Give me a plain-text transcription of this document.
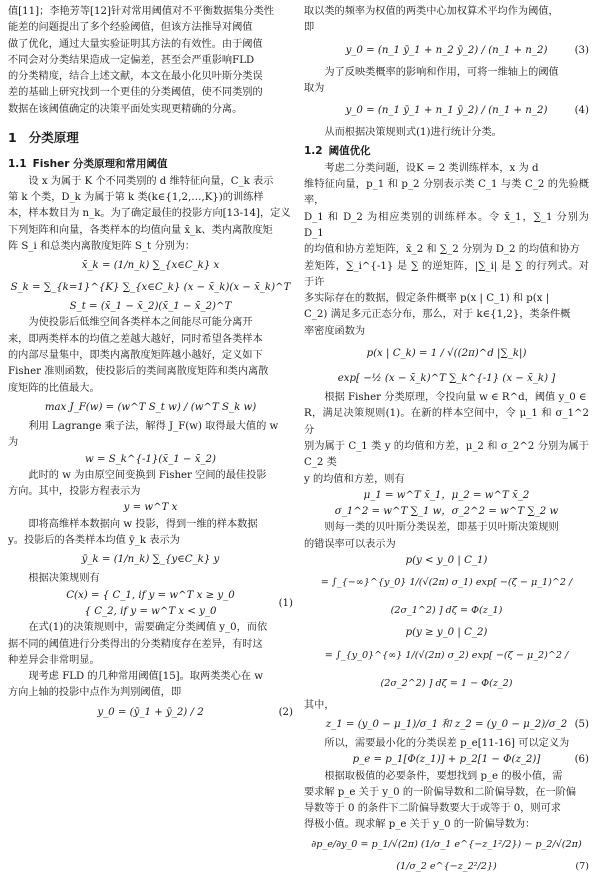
值[11]；李艳芳等[12]针对常用阈值对不平衡数据集分类性

能差的问题提出了多个经验阈值，但该方法推导对阈值

做了优化，通过大量实验证明其方法的有效性。由于阈值

不同会对分类结果造成一定偏差，甚至会严重影响FLD

的分类精度，结合上述文献，本文在最小化贝叶斯分类误

差的基础上研究找到一个更佳的分类阈值，使不同类别的

数据在该阈值确定的决策平面处实现更精确的分离。

1 分类原理
1.1 Fisher 分类原理和常用阈值

设 x 为属于 K 个不同类别的 d 维特征向量，C_k 表示

第 k 个类，D_k 为属于第 k 类(k∈{1,2,…,K})的训练样

本，样本数目为 n_k。为了确定最佳的投影方向[13-14]，定义

下列矩阵和向量，各类样本的均值向量 x̄_k、类内离散度矩

阵 S_i 和总类内离散度矩阵 S_t 分别为：

x̄_k = (1/n_k) ∑_{x∈C_k} x
S_k = ∑_{k=1}^{K} ∑_{x∈C_k} (x − x̄_k)(x − x̄_k)^T
S_t = (x̄_1 − x̄_2)(x̄_1 − x̄_2)^T

为使投影后低维空间各类样本之间能尽可能分离开

来，即两类样本的均值之差越大越好，同时希望各类样本

的内部尽量集中，即类内离散度矩阵越小越好，定义如下

Fisher 准则函数，使投影后的类间离散度矩阵和类内离散

度矩阵的比值最大。

max J_F(w) = (w^T S_t w) / (w^T S_k w)

利用 Lagrange 乘子法，解得 J_F(w) 取得最大值的 w

为

w = S_k^{-1}(x̄_1 − x̄_2)

此时的 w 为由原空间变换到 Fisher 空间的最佳投影

方向。其中，投影方程表示为

y = w^T x

即将高维样本数据向 w 投影，得到一维的样本数据

y。投影后的各类样本均值 ȳ_k 表示为

ȳ_k = (1/n_k) ∑_{y∈C_k} y

根据决策规则有

C(x) = { C_1, if y = w^T x ≥ y_0
{ C_2, if y = w^T x < y_0
(1)

在式(1)的决策规则中，需要确定分类阈值 y_0，而依

据不同的阈值进行分类得出的分类精度存在差异，有时这

种差异会非常明显。

现考虑 FLD 的几种常用阈值[15]。取两类类心在 w

方向上轴的投影中点作为判别阈值，即

y_0 = (ȳ_1 + ȳ_2) / 2	(2)

取以类的频率为权值的两类中心加权算术平均作为阈值，

即

y_0 = (n_1 ȳ_1 + n_2 ȳ_2) / (n_1 + n_2)	(3)

为了反映类概率的影响和作用，可将一维轴上的阈值

取为

y_0 = (n_1 ȳ_1 + n_1 ȳ_2) / (n_1 + n_2)	(4)

从而根据决策规则式(1)进行统计分类。

1.2 阈值优化

考虑二分类问题，设K = 2 类训练样本，x 为 d

维特征向量，p_1 和 p_2 分别表示类 C_1 与类 C_2 的先验概率，

D_1 和 D_2 为相应类别的训练样本。令 x̄_1，∑_1 分别为 D_1

的均值和协方差矩阵，x̄_2 和 ∑_2 分别为 D_2 的均值和协方

差矩阵，∑_i^{-1} 是 ∑ 的逆矩阵，|∑_i| 是 ∑ 的行列式。对于许

多实际存在的数据，假定条件概率 p(x | C_1) 和 p(x |

C_2) 满足多元正态分布，那么，对于 k∈{1,2}，类条件概

率密度函数为

p(x | C_k) = 1 / √((2π)^d |∑_k|)
exp[ −½ (x − x̄_k)^T ∑_k^{-1} (x − x̄_k) ]

根据 Fisher 分类原理，令投向量 w ∈ R^d，阈值 y_0 ∈

R，满足决策规则(1)。在新的样本空间中，令 μ_1 和 σ_1^2 分

别为属于 C_1 类 y 的均值和方差，μ_2 和 σ_2^2 分别为属于 C_2 类

y 的均值和方差，则有

μ_1 = w^T x̄_1，μ_2 = w^T x̄_2
σ_1^2 = w^T ∑_1 w，σ_2^2 = w^T ∑_2 w

则每一类的贝叶斯分类误差，即基于贝叶斯决策规则

的错误率可以表示为

p(y < y_0 | C_1)
= ∫_{−∞}^{y_0} 1/(√(2π) σ_1) exp[ −(ζ − μ_1)^2 / (2σ_1^2) ] dζ = Φ(z_1)
p(y ≥ y_0 | C_2)
= ∫_{y_0}^{∞} 1/(√(2π) σ_2) exp[ −(ζ − μ_2)^2 / (2σ_2^2) ] dζ = 1 − Φ(z_2)

其中，

z_1 = (y_0 − μ_1)/σ_1 和 z_2 = (y_0 − μ_2)/σ_2 (5)

所以，需要最小化的分类误差 p_e[11-16] 可以定义为

p_e = p_1[Φ(z_1)] + p_2[1 − Φ(z_2)]	(6)

根据取极值的必要条件，要想找到 p_e 的极小值，需

要求解 p_e 关于 y_0 的一阶偏导数和二阶偏导数，在一阶偏

导数等于 0 的条件下二阶偏导数要大于或等于 0，则可求

得极小值。现求解 p_e 关于 y_0 的一阶偏导数为：

∂p_e/∂y_0 = p_1/√(2π) (1/σ_1 e^{−z_1²/2}) − p_2/√(2π) (1/σ_2 e^{−z_2²/2})	(7)
